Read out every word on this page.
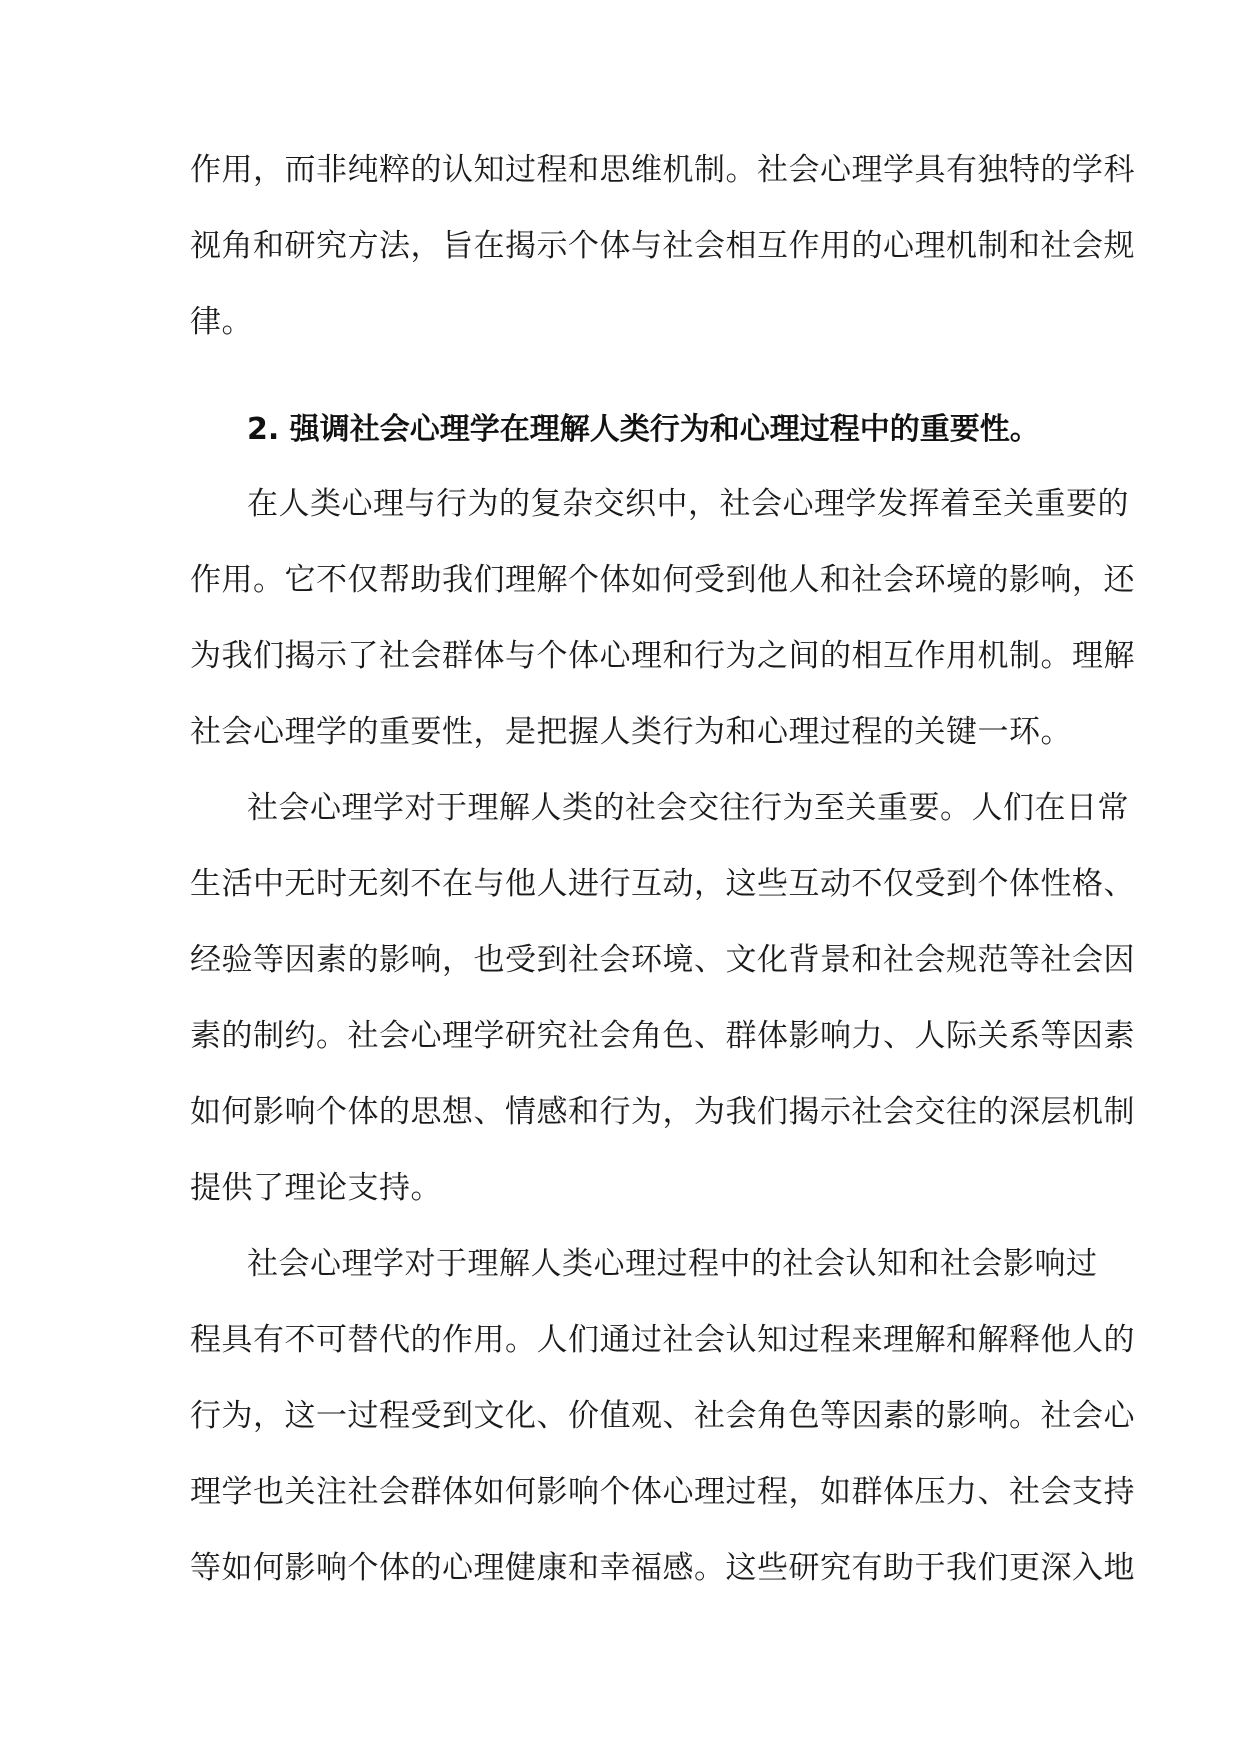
作用，而非纯粹的认知过程和思维机制。社会心理学具有独特的学科
视角和研究方法，旨在揭示个体与社会相互作用的心理机制和社会规
律。
2. 强调社会心理学在理解人类行为和心理过程中的重要性。
在人类心理与行为的复杂交织中，社会心理学发挥着至关重要的
作用。它不仅帮助我们理解个体如何受到他人和社会环境的影响，还
为我们揭示了社会群体与个体心理和行为之间的相互作用机制。理解
社会心理学的重要性，是把握人类行为和心理过程的关键一环。
社会心理学对于理解人类的社会交往行为至关重要。人们在日常
生活中无时无刻不在与他人进行互动，这些互动不仅受到个体性格、
经验等因素的影响，也受到社会环境、文化背景和社会规范等社会因
素的制约。社会心理学研究社会角色、群体影响力、人际关系等因素
如何影响个体的思想、情感和行为，为我们揭示社会交往的深层机制
提供了理论支持。
社会心理学对于理解人类心理过程中的社会认知和社会影响过
程具有不可替代的作用。人们通过社会认知过程来理解和解释他人的
行为，这一过程受到文化、价值观、社会角色等因素的影响。社会心
理学也关注社会群体如何影响个体心理过程，如群体压力、社会支持
等如何影响个体的心理健康和幸福感。这些研究有助于我们更深入地
